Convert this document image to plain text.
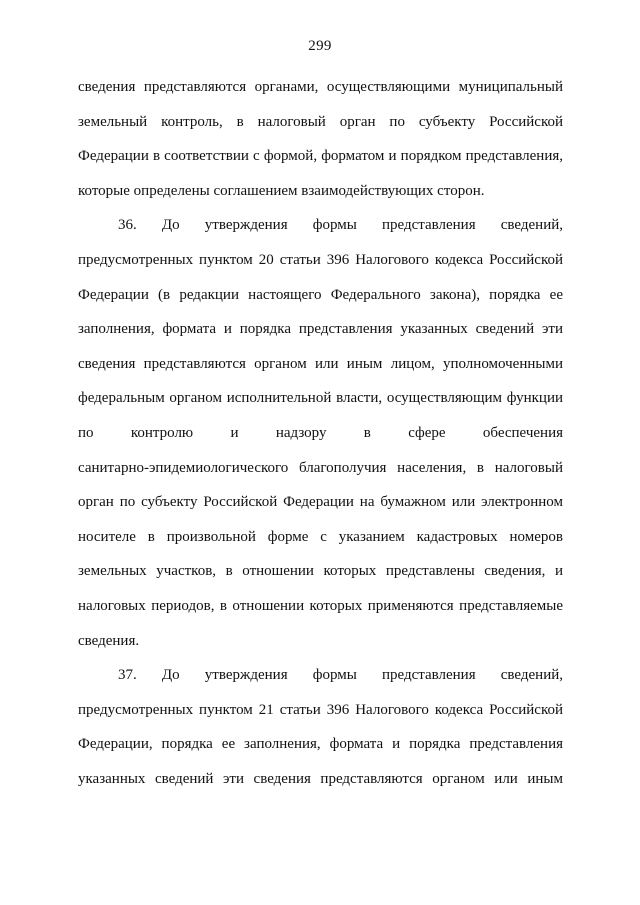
299
сведения представляются органами, осуществляющими муниципальный
земельный контроль, в налоговый орган по субъекту Российской
Федерации в соответствии с формой, форматом и порядком представления,
которые определены соглашением взаимодействующих сторон.
36. До утверждения формы представления сведений,
предусмотренных пунктом 20 статьи 396 Налогового кодекса Российской
Федерации (в редакции настоящего Федерального закона), порядка ее
заполнения, формата и порядка представления указанных сведений эти
сведения представляются органом или иным лицом, уполномоченными
федеральным органом исполнительной власти, осуществляющим функции
по контролю и надзору в сфере обеспечения
санитарно-эпидемиологического благополучия населения, в налоговый
орган по субъекту Российской Федерации на бумажном или электронном
носителе в произвольной форме с указанием кадастровых номеров
земельных участков, в отношении которых представлены сведения, и
налоговых периодов, в отношении которых применяются представляемые
сведения.
37. До утверждения формы представления сведений,
предусмотренных пунктом 21 статьи 396 Налогового кодекса Российской
Федерации, порядка ее заполнения, формата и порядка представления
указанных сведений эти сведения представляются органом или иным
